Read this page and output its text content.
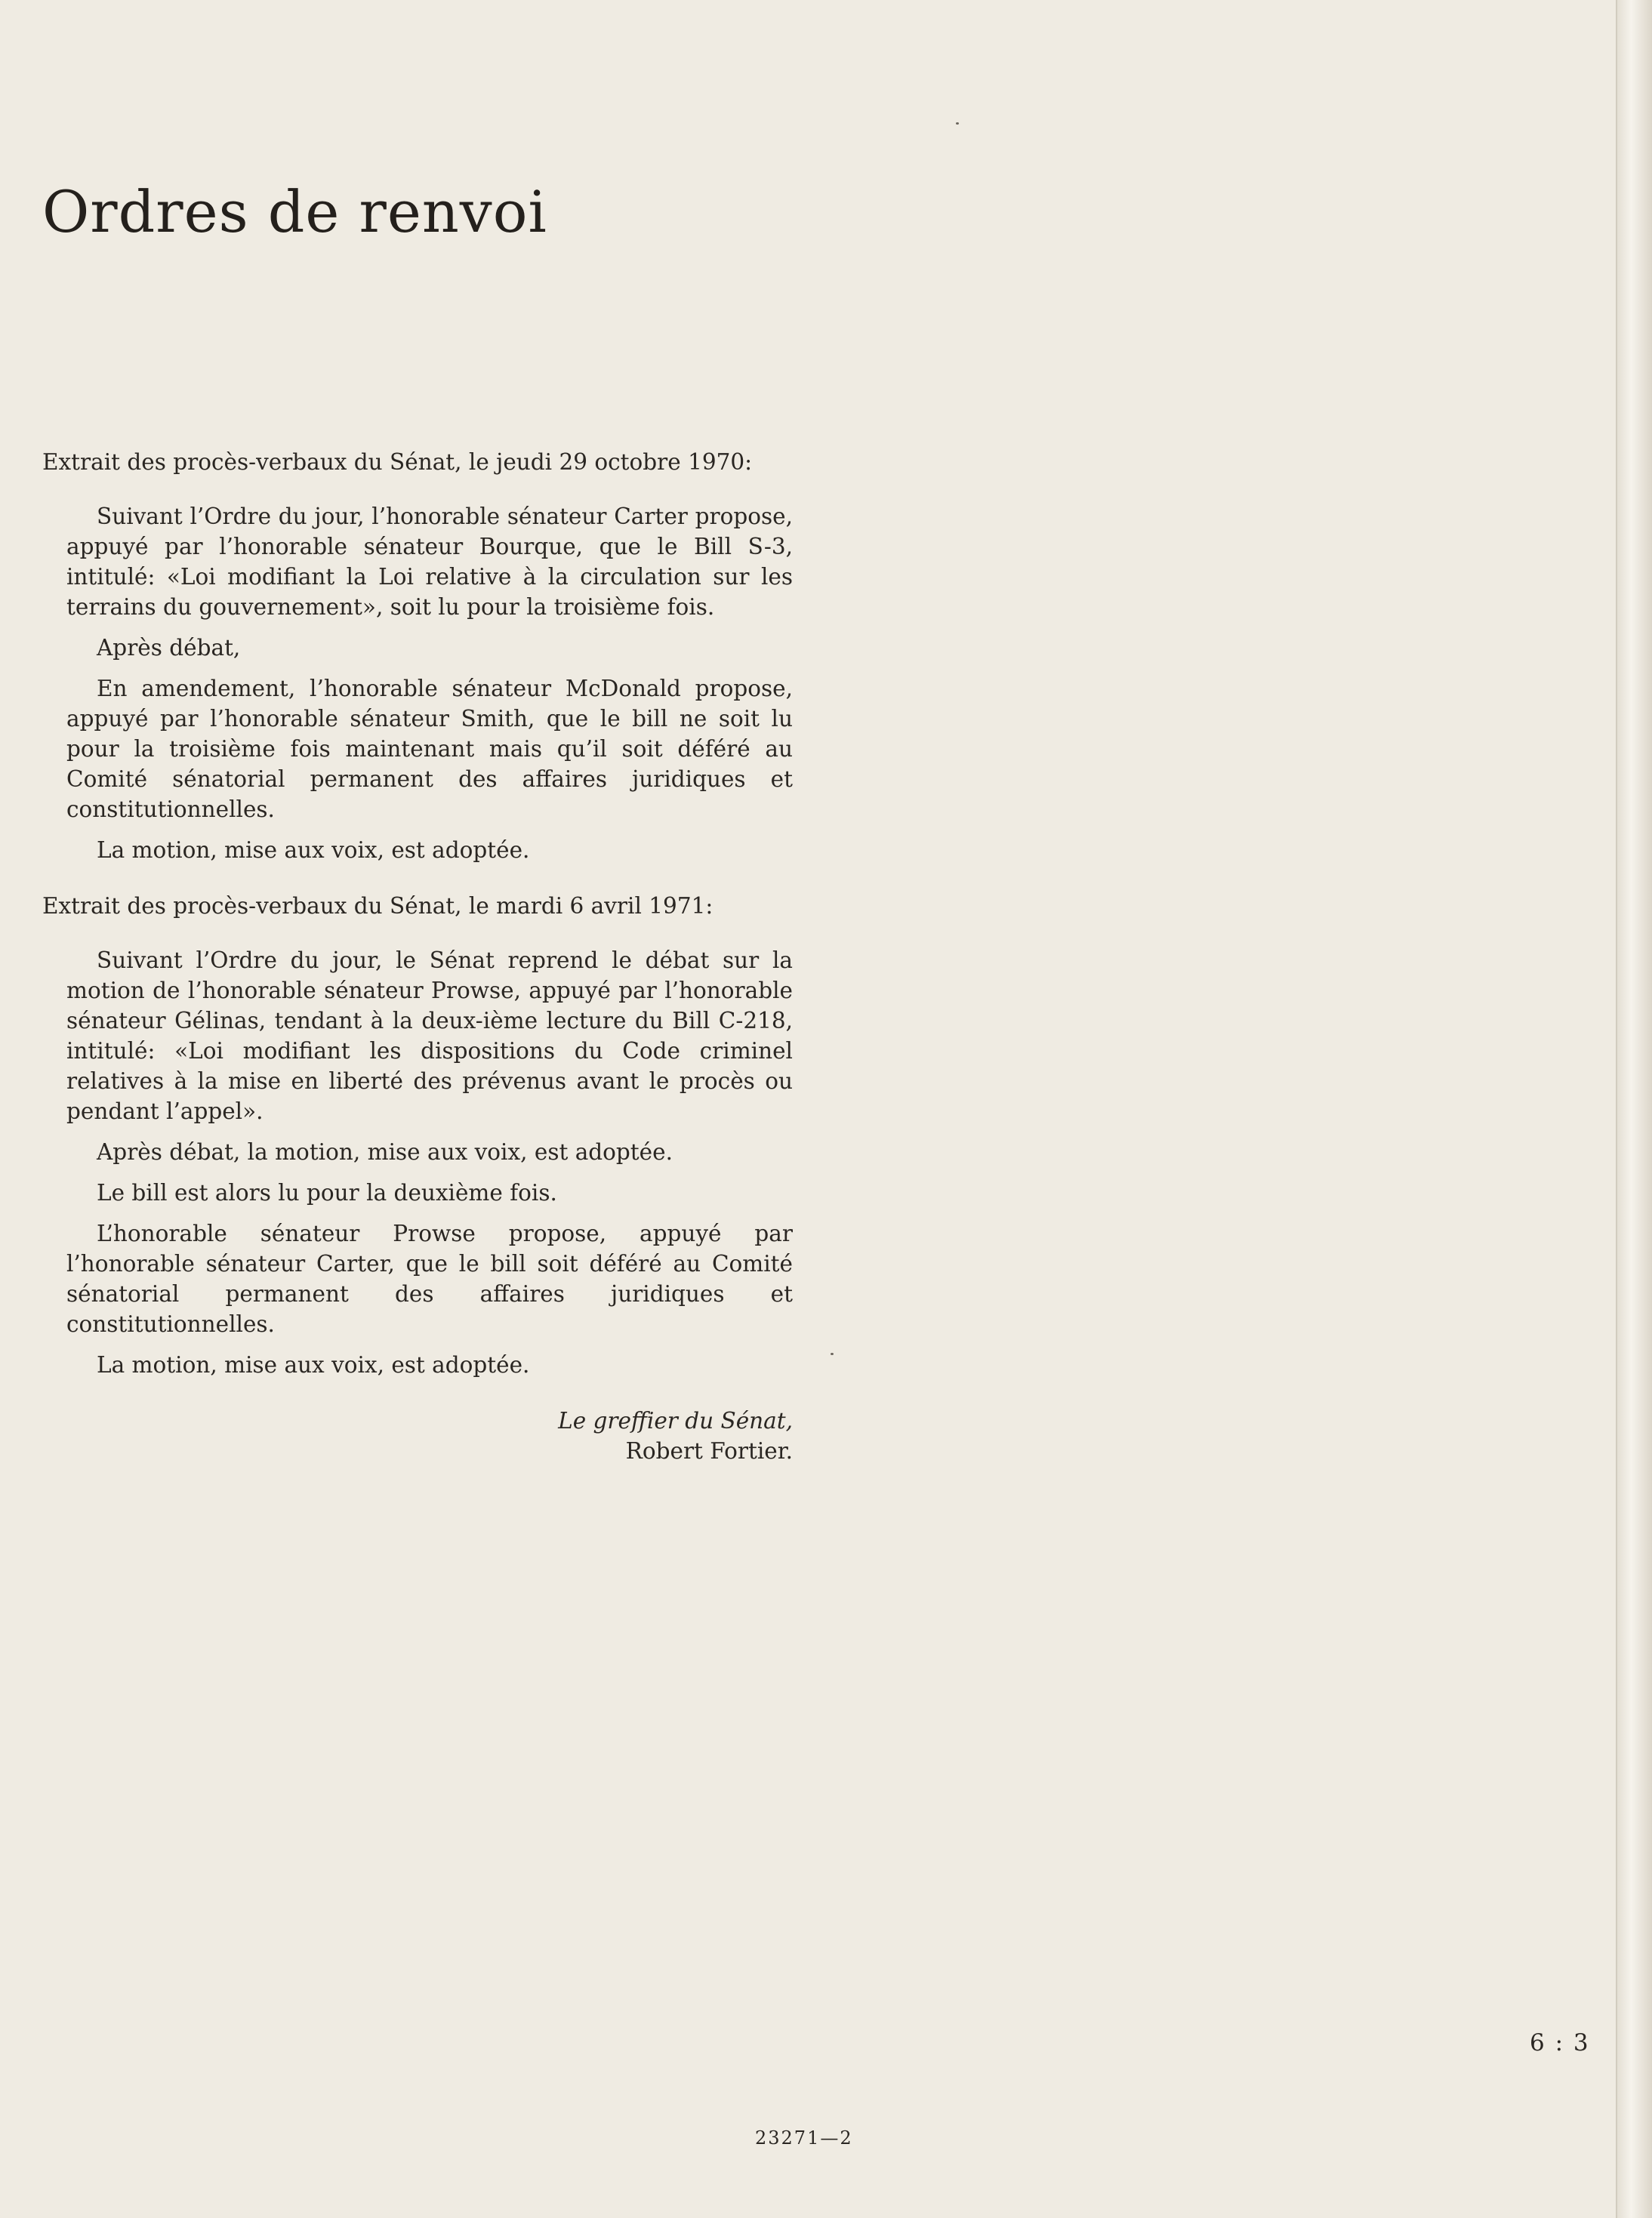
Ordres de renvoi

Extrait des procès-verbaux du Sénat, le jeudi 29 octobre 1970:

Suivant l’Ordre du jour, l’honorable sénateur Carter propose, appuyé par l’honorable sénateur Bourque, que le Bill S-3, intitulé: «Loi modifiant la Loi relative à la circulation sur les terrains du gouvernement», soit lu pour la troisième fois.

Après débat,

En amendement, l’honorable sénateur McDonald propose, appuyé par l’honorable sénateur Smith, que le bill ne soit lu pour la troisième fois maintenant mais qu’il soit déféré au Comité sénatorial permanent des affaires juridiques et constitutionnelles.

La motion, mise aux voix, est adoptée.

Extrait des procès-verbaux du Sénat, le mardi 6 avril 1971:

Suivant l’Ordre du jour, le Sénat reprend le débat sur la motion de l’honorable sénateur Prowse, appuyé par l’honorable sénateur Gélinas, tendant à la deux-ième lecture du Bill C-218, intitulé: «Loi modifiant les dispositions du Code criminel relatives à la mise en liberté des prévenus avant le procès ou pendant l’appel».

Après débat, la motion, mise aux voix, est adoptée.

Le bill est alors lu pour la deuxième fois.

L’honorable sénateur Prowse propose, appuyé par l’honorable sénateur Carter, que le bill soit déféré au Comité sénatorial permanent des affaires juridiques et constitutionnelles.

La motion, mise aux voix, est adoptée.

Le greffier du Sénat,
Robert Fortier.
6 : 3
23271—2
